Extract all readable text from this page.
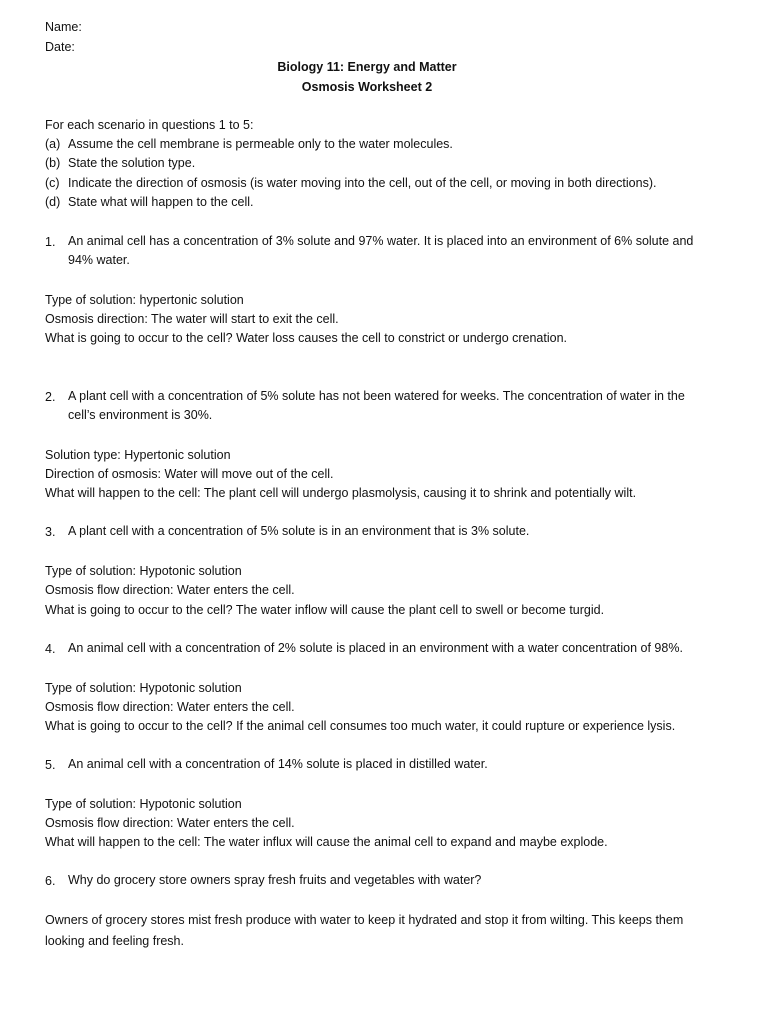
Name:
Date:
Biology 11: Energy and Matter
Osmosis Worksheet 2
For each scenario in questions 1 to 5:
(a) Assume the cell membrane is permeable only to the water molecules.
(b) State the solution type.
(c) Indicate the direction of osmosis (is water moving into the cell, out of the cell, or moving in both directions).
(d) State what will happen to the cell.
1. An animal cell has a concentration of 3% solute and 97% water. It is placed into an environment of 6% solute and 94% water.
Type of solution: hypertonic solution
Osmosis direction: The water will start to exit the cell.
What is going to occur to the cell? Water loss causes the cell to constrict or undergo crenation.
2. A plant cell with a concentration of 5% solute has not been watered for weeks. The concentration of water in the cell’s environment is 30%.
Solution type: Hypertonic solution
Direction of osmosis: Water will move out of the cell.
What will happen to the cell: The plant cell will undergo plasmolysis, causing it to shrink and potentially wilt.
3. A plant cell with a concentration of 5% solute is in an environment that is 3% solute.
Type of solution: Hypotonic solution
Osmosis flow direction: Water enters the cell.
What is going to occur to the cell? The water inflow will cause the plant cell to swell or become turgid.
4. An animal cell with a concentration of 2% solute is placed in an environment with a water concentration of 98%.
Type of solution: Hypotonic solution
Osmosis flow direction: Water enters the cell.
What is going to occur to the cell? If the animal cell consumes too much water, it could rupture or experience lysis.
5. An animal cell with a concentration of 14% solute is placed in distilled water.
Type of solution: Hypotonic solution
Osmosis flow direction: Water enters the cell.
What will happen to the cell: The water influx will cause the animal cell to expand and maybe explode.
6. Why do grocery store owners spray fresh fruits and vegetables with water?
Owners of grocery stores mist fresh produce with water to keep it hydrated and stop it from wilting. This keeps them looking and feeling fresh.
